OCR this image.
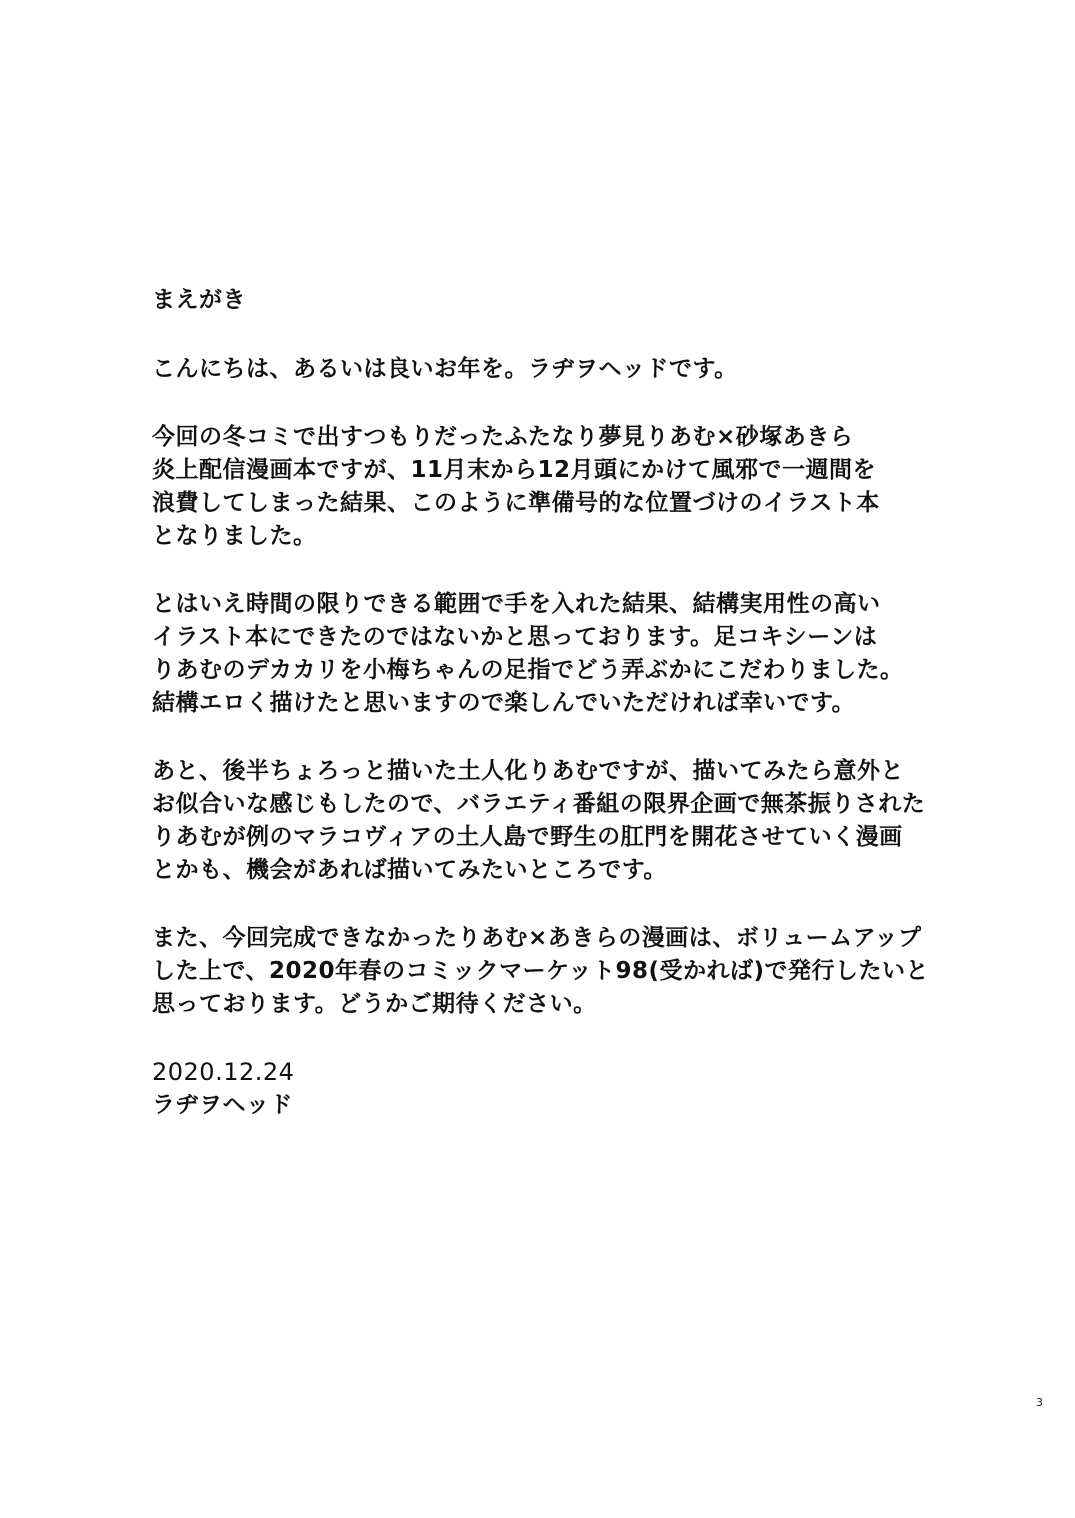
まえがき
こんにちは、あるいは良いお年を。ラヂヲヘッドです。
今回の冬コミで出すつもりだったふたなり夢見りあむ×砂塚あきら
炎上配信漫画本ですが、11月末から12月頭にかけて風邪で一週間を
浪費してしまった結果、このように準備号的な位置づけのイラスト本
となりました。
とはいえ時間の限りできる範囲で手を入れた結果、結構実用性の高い
イラスト本にできたのではないかと思っております。足コキシーンは
りあむのデカカリを小梅ちゃんの足指でどう弄ぶかにこだわりました。
結構エロく描けたと思いますので楽しんでいただければ幸いです。
あと、後半ちょろっと描いた土人化りあむですが、描いてみたら意外と
お似合いな感じもしたので、バラエティ番組の限界企画で無茶振りされた
りあむが例のマラコヴィアの土人島で野生の肛門を開花させていく漫画
とかも、機会があれば描いてみたいところです。
また、今回完成できなかったりあむ×あきらの漫画は、ボリュームアップ
した上で、2020年春のコミックマーケット98(受かれば)で発行したいと
思っております。どうかご期待ください。
2020.12.24
ラヂヲヘッド
3
